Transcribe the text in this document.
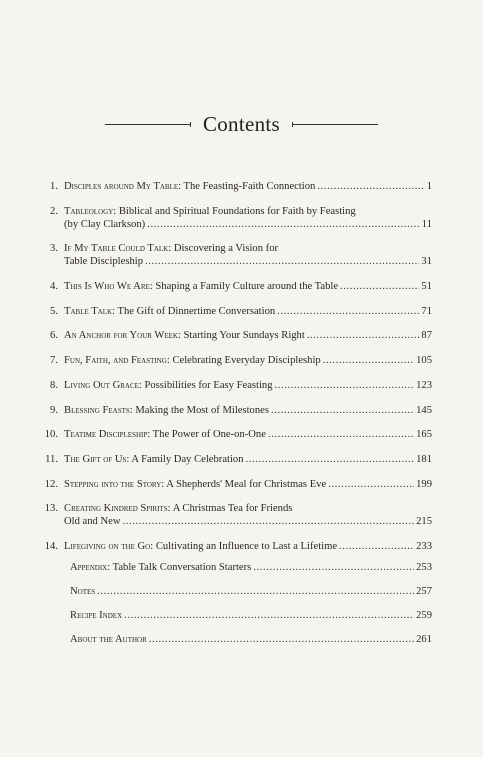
Contents
1. Disciples around My Table: The Feasting-Faith Connection .....	1
2. Tableology: Biblical and Spiritual Foundations for Faith by Feasting
(by Clay Clarkson) .....	11
3. If My Table Could Talk: Discovering a Vision for
Table Discipleship .....	31
4. This Is Who We Are: Shaping a Family Culture around the Table .....	51
5. Table Talk: The Gift of Dinnertime Conversation .....	71
6. An Anchor for Your Week: Starting Your Sundays Right .....	87
7. Fun, Faith, and Feasting: Celebrating Everyday Discipleship .....	105
8. Living Out Grace: Possibilities for Easy Feasting .....	123
9. Blessing Feasts: Making the Most of Milestones .....	145
10. Teatime Discipleship: The Power of One-on-One .....	165
11. The Gift of Us: A Family Day Celebration .....	181
12. Stepping into the Story: A Shepherds' Meal for Christmas Eve .....	199
13. Creating Kindred Spirits: A Christmas Tea for Friends
Old and New .....	215
14. Lifegiving on the Go: Cultivating an Influence to Last a Lifetime .....	233
Appendix: Table Talk Conversation Starters .....	253
Notes .....	257
Recipe Index .....	259
About the Author .....	261
